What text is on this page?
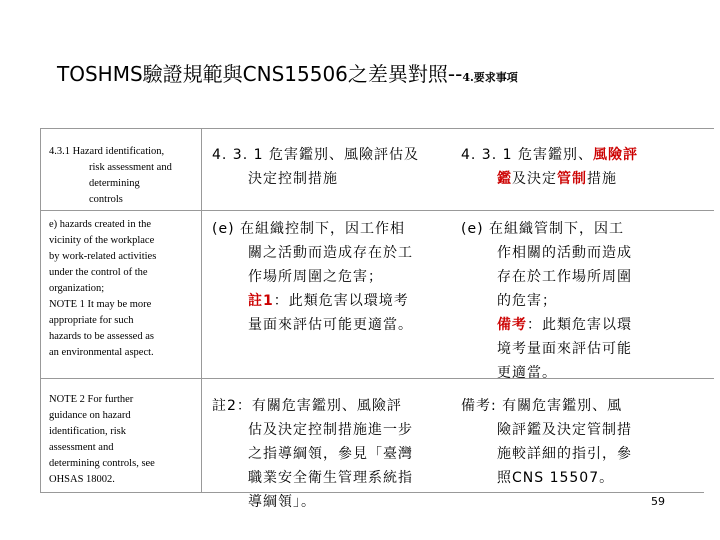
TOSHMS驗證規範與CNS15506之差異對照--4.要求事項
4.3.1 Hazard identification,
risk assessment and
determining
controls
4. 3. 1 危害鑑別、風險評估及
決定控制措施
4. 3. 1 危害鑑別、風險評
鑑及決定管制措施
e) hazards created in the
vicinity of the workplace
by work-related activities
under the control of the
organization;
NOTE 1 It may be more
appropriate for such
hazards to be assessed as
an environmental aspect.
(e) 在組織控制下，因工作相
關之活動而造成存在於工
作場所周圍之危害；
註1：此類危害以環境考
量面來評估可能更適當。
(e) 在組織管制下，因工
作相關的活動而造成
存在於工作場所周圍
的危害；
備考：此類危害以環
境考量面來評估可能
更適當。
NOTE 2 For further
guidance on hazard
identification, risk
assessment and
determining controls, see
OHSAS 18002.
註2：有關危害鑑別、風險評
估及決定控制措施進一步
之指導綱領，參見「臺灣
職業安全衛生管理系統指
導綱領」。
備考: 有關危害鑑別、風
險評鑑及決定管制措
施較詳細的指引，參
照CNS 15507。
59
